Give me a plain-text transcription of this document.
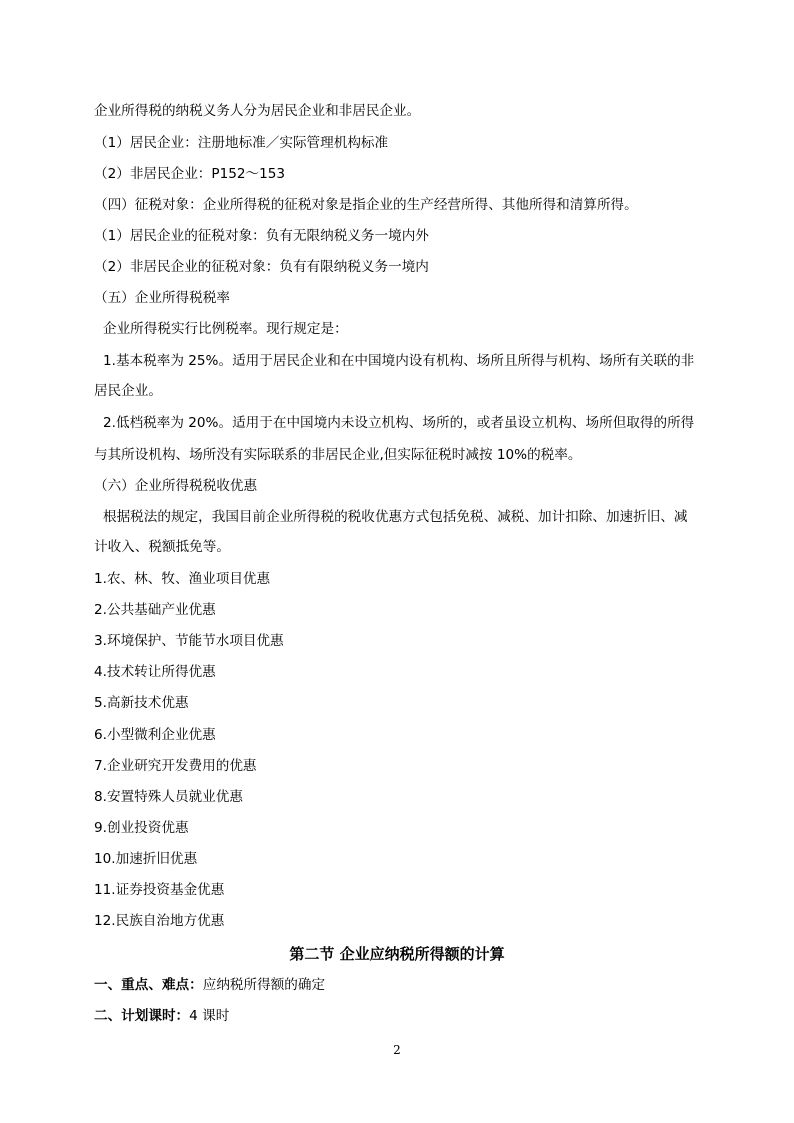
企业所得税的纳税义务人分为居民企业和非居民企业。
（1）居民企业：注册地标准／实际管理机构标准
（2）非居民企业：P152～153
（四）征税对象：企业所得税的征税对象是指企业的生产经营所得、其他所得和清算所得。
（1）居民企业的征税对象：负有无限纳税义务一境内外
（2）非居民企业的征税对象：负有有限纳税义务一境内
（五）企业所得税税率
企业所得税实行比例税率。现行规定是：
1.基本税率为 25%。适用于居民企业和在中国境内设有机构、场所且所得与机构、场所有关联的非
居民企业。
2.低档税率为 20%。适用于在中国境内未设立机构、场所的，或者虽设立机构、场所但取得的所得
与其所设机构、场所没有实际联系的非居民企业,但实际征税时减按 10%的税率。
（六）企业所得税税收优惠
根据税法的规定，我国目前企业所得税的税收优惠方式包括免税、减税、加计扣除、加速折旧、减
计收入、税额抵免等。
1.农、林、牧、渔业项目优惠
2.公共基础产业优惠
3.环境保护、节能节水项目优惠
4.技术转让所得优惠
5.高新技术优惠
6.小型微利企业优惠
7.企业研究开发费用的优惠
8.安置特殊人员就业优惠
9.创业投资优惠
10.加速折旧优惠
11.证券投资基金优惠
12.民族自治地方优惠
第二节 企业应纳税所得额的计算
一、重点、难点：应纳税所得额的确定
二、计划课时：4 课时
2
